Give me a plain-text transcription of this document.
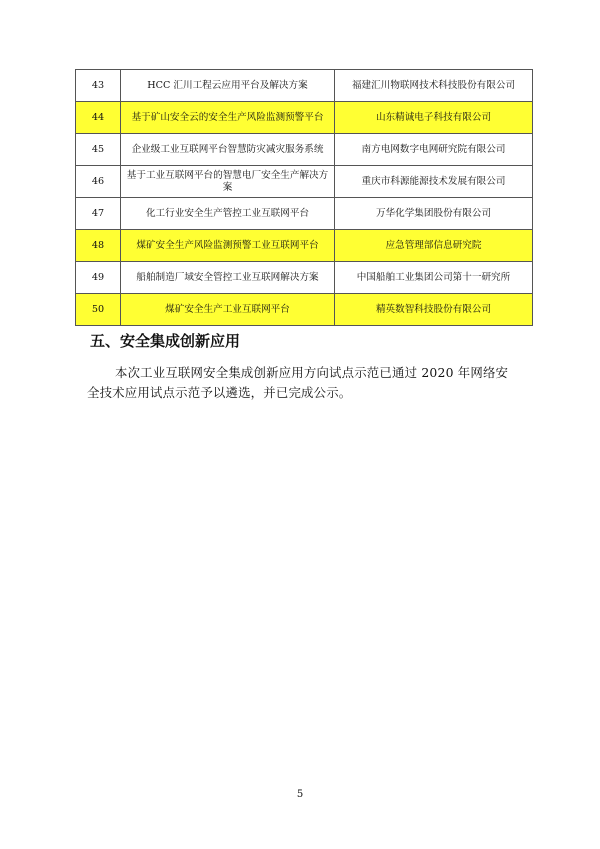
43	HCC 汇川工程云应用平台及解决方案	福建汇川物联网技术科技股份有限公司
44	基于矿山安全云的安全生产风险监测预警平台	山东精诚电子科技有限公司
45	企业级工业互联网平台智慧防灾减灾服务系统	南方电网数字电网研究院有限公司
46	基于工业互联网平台的智慧电厂安全生产解决方案	重庆市科源能源技术发展有限公司
47	化工行业安全生产管控工业互联网平台	万华化学集团股份有限公司
48	煤矿安全生产风险监测预警工业互联网平台	应急管理部信息研究院
49	船舶制造厂域安全管控工业互联网解决方案	中国船舶工业集团公司第十一研究所
50	煤矿安全生产工业互联网平台	精英数智科技股份有限公司
五、安全集成创新应用

本次工业互联网安全集成创新应用方向试点示范已通过 2020 年网络安全技术应用试点示范予以遴选，并已完成公示。

5
